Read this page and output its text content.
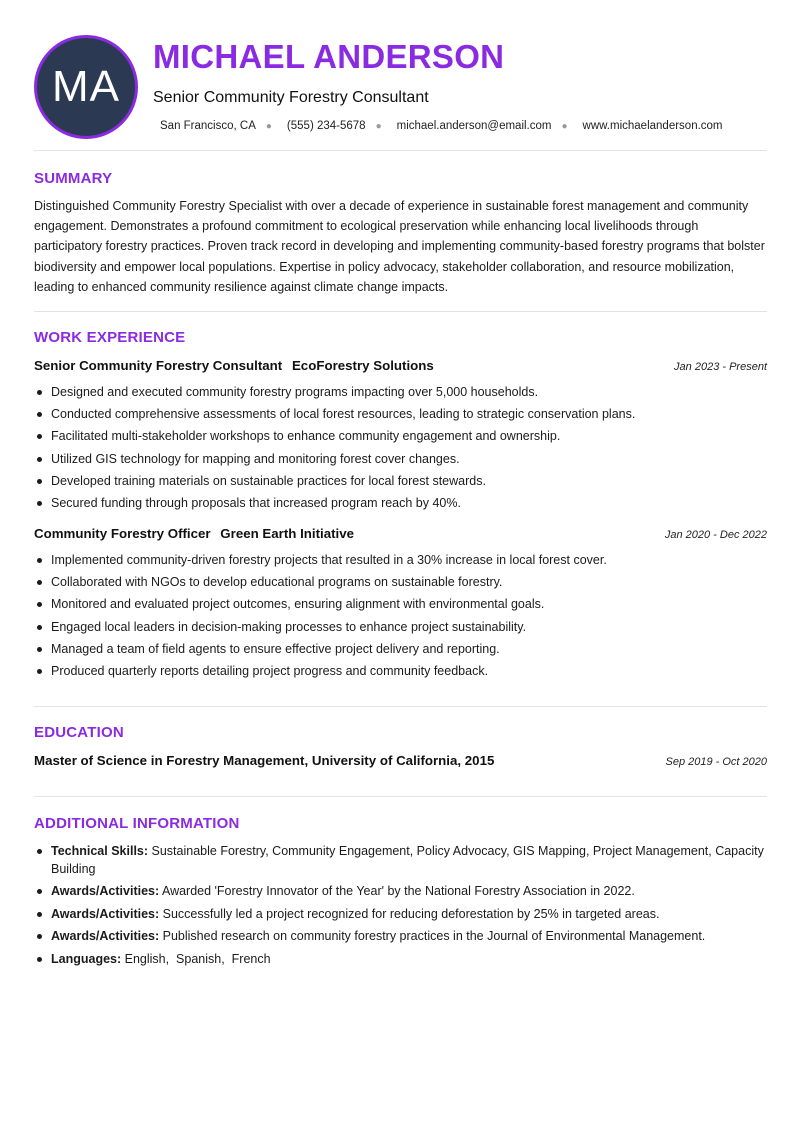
MA
MICHAEL ANDERSON

Senior Community Forestry Consultant

San Francisco, CA ● (555) 234-5678 ● michael.anderson@email.com ● www.michaelanderson.com
SUMMARY

Distinguished Community Forestry Specialist with over a decade of experience in sustainable forest management and community engagement. Demonstrates a profound commitment to ecological preservation while enhancing local livelihoods through participatory forestry practices. Proven track record in developing and implementing community-based forestry programs that bolster biodiversity and empower local populations. Expertise in policy advocacy, stakeholder collaboration, and resource mobilization, leading to enhanced community resilience against climate change impacts.

WORK EXPERIENCE
Senior Community Forestry Consultant EcoForestry Solutions	Jan 2023 - Present
Designed and executed community forestry programs impacting over 5,000 households.
Conducted comprehensive assessments of local forest resources, leading to strategic conservation plans.
Facilitated multi-stakeholder workshops to enhance community engagement and ownership.
Utilized GIS technology for mapping and monitoring forest cover changes.
Developed training materials on sustainable practices for local forest stewards.
Secured funding through proposals that increased program reach by 40%.
Community Forestry Officer Green Earth Initiative	Jan 2020 - Dec 2022
Implemented community-driven forestry projects that resulted in a 30% increase in local forest cover.
Collaborated with NGOs to develop educational programs on sustainable forestry.
Monitored and evaluated project outcomes, ensuring alignment with environmental goals.
Engaged local leaders in decision-making processes to enhance project sustainability.
Managed a team of field agents to ensure effective project delivery and reporting.
Produced quarterly reports detailing project progress and community feedback.
EDUCATION
Master of Science in Forestry Management, University of California, 2015	Sep 2019 - Oct 2020
ADDITIONAL INFORMATION
Technical Skills: Sustainable Forestry, Community Engagement, Policy Advocacy, GIS Mapping, Project Management, Capacity Building
Awards/Activities: Awarded 'Forestry Innovator of the Year' by the National Forestry Association in 2022.
Awards/Activities: Successfully led a project recognized for reducing deforestation by 25% in targeted areas.
Awards/Activities: Published research on community forestry practices in the Journal of Environmental Management.
Languages: English,  Spanish,  French
